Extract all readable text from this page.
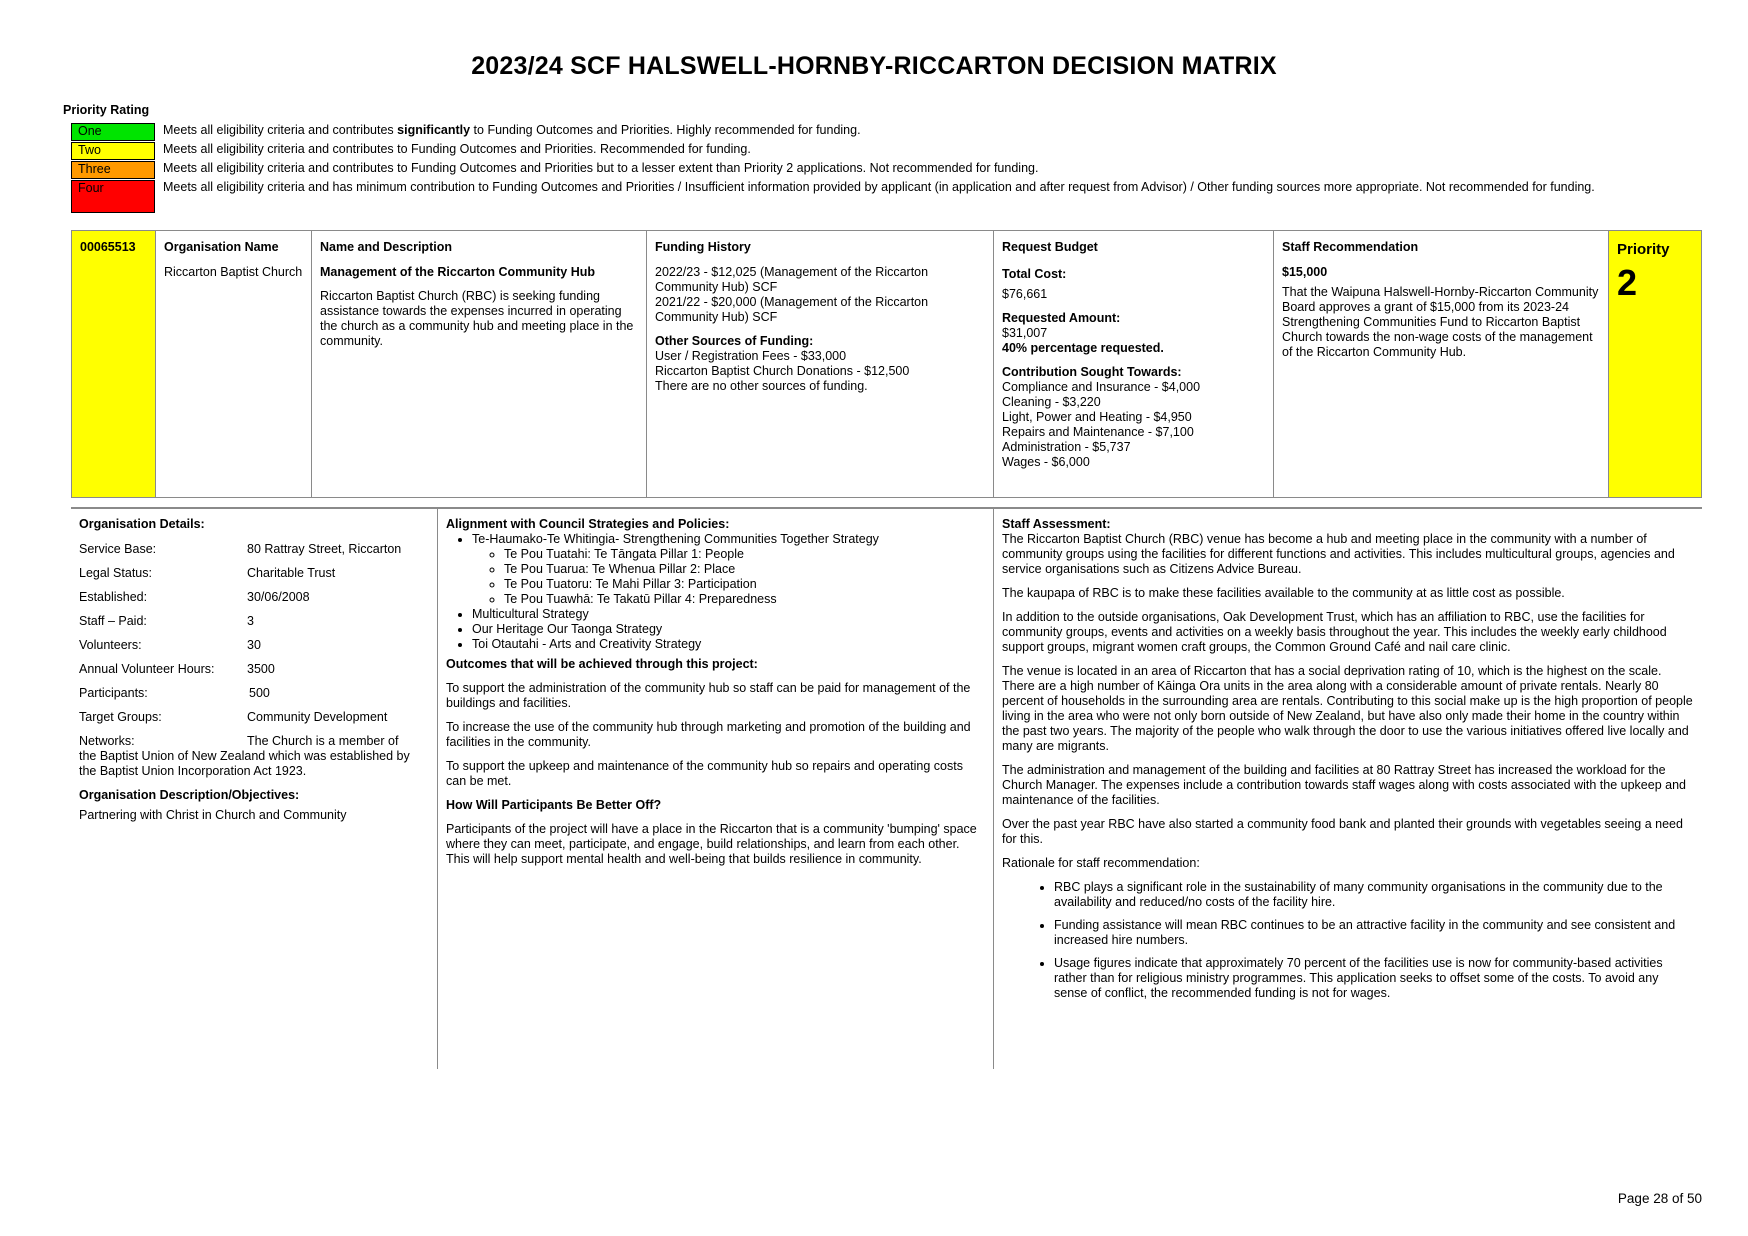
2023/24 SCF HALSWELL-HORNBY-RICCARTON DECISION MATRIX
Priority Rating
One	Meets all eligibility criteria and contributes significantly to Funding Outcomes and Priorities. Highly recommended for funding.
Two	Meets all eligibility criteria and contributes to Funding Outcomes and Priorities. Recommended for funding.
Three	Meets all eligibility criteria and contributes to Funding Outcomes and Priorities but to a lesser extent than Priority 2 applications. Not recommended for funding.
Four	Meets all eligibility criteria and has minimum contribution to Funding Outcomes and Priorities / Insufficient information provided by applicant (in application and after request from Advisor) / Other funding sources more appropriate. Not recommended for funding.
00065513	Organisation Name
Riccarton Baptist Church
Name and Description

Management of the Riccarton Community Hub

Riccarton Baptist Church (RBC) is seeking funding assistance towards the expenses incurred in operating the church as a community hub and meeting place in the community.

Funding History

2022/23 - $12,025 (Management of the Riccarton Community Hub) SCF

2021/22 - $20,000 (Management of the Riccarton Community Hub) SCF

Other Sources of Funding:

User / Registration Fees - $33,000

Riccarton Baptist Church Donations - $12,500

There are no other sources of funding.

Request Budget

Total Cost:

$76,661

Requested Amount:

$31,007

40% percentage requested.

Contribution Sought Towards:

Compliance and Insurance - $4,000

Cleaning - $3,220

Light, Power and Heating - $4,950

Repairs and Maintenance - $7,100

Administration - $5,737

Wages - $6,000

Staff Recommendation

$15,000

That the Waipuna Halswell-Hornby-Riccarton Community Board approves a grant of $15,000 from its 2023-24 Strengthening Communities Fund to Riccarton Baptist Church towards the non-wage costs of the management of the Riccarton Community Hub.

Priority
2

Organisation Details:

Service Base:	80 Rattray Street, Riccarton
Legal Status:	Charitable Trust
Established:	30/06/2008
Staff – Paid:	3
Volunteers:	30
Annual Volunteer Hours:	3500
Participants:	500
Target Groups:	Community Development
Networks:	The Church is a member of

the Baptist Union of New Zealand which was established by the Baptist Union Incorporation Act 1923.

Organisation Description/Objectives:

Partnering with Christ in Church and Community

Alignment with Council Strategies and Policies:

• Te-Haumako-Te Whitingia- Strengthening Communities Together Strategy
◦ Te Pou Tuatahi: Te Tāngata Pillar 1: People
◦ Te Pou Tuarua: Te Whenua Pillar 2: Place
◦ Te Pou Tuatoru: Te Mahi Pillar 3: Participation
◦ Te Pou Tuawhā: Te Takatū Pillar 4: Preparedness
• Multicultural Strategy
• Our Heritage Our Taonga Strategy
• Toi Otautahi - Arts and Creativity Strategy

Outcomes that will be achieved through this project:

To support the administration of the community hub so staff can be paid for management of the buildings and facilities.

To increase the use of the community hub through marketing and promotion of the building and facilities in the community.

To support the upkeep and maintenance of the community hub so repairs and operating costs can be met.

How Will Participants Be Better Off?

Participants of the project will have a place in the Riccarton that is a community 'bumping' space where they can meet, participate, and engage, build relationships, and learn from each other. This will help support mental health and well-being that builds resilience in community.

Staff Assessment:

The Riccarton Baptist Church (RBC) venue has become a hub and meeting place in the community with a number of community groups using the facilities for different functions and activities. This includes multicultural groups, agencies and service organisations such as Citizens Advice Bureau.

The kaupapa of RBC is to make these facilities available to the community at as little cost as possible.

In addition to the outside organisations, Oak Development Trust, which has an affiliation to RBC, use the facilities for community groups, events and activities on a weekly basis throughout the year. This includes the weekly early childhood support groups, migrant women craft groups, the Common Ground Café and nail care clinic.

The venue is located in an area of Riccarton that has a social deprivation rating of 10, which is the highest on the scale. There are a high number of Kāinga Ora units in the area along with a considerable amount of private rentals. Nearly 80 percent of households in the surrounding area are rentals. Contributing to this social make up is the high proportion of people living in the area who were not only born outside of New Zealand, but have also only made their home in the country within the past two years. The majority of the people who walk through the door to use the various initiatives offered live locally and many are migrants.

The administration and management of the building and facilities at 80 Rattray Street has increased the workload for the Church Manager. The expenses include a contribution towards staff wages along with costs associated with the upkeep and maintenance of the facilities.

Over the past year RBC have also started a community food bank and planted their grounds with vegetables seeing a need for this.

Rationale for staff recommendation:

• RBC plays a significant role in the sustainability of many community organisations in the community due to the availability and reduced/no costs of the facility hire.
• Funding assistance will mean RBC continues to be an attractive facility in the community and see consistent and increased hire numbers.
• Usage figures indicate that approximately 70 percent of the facilities use is now for community-based activities rather than for religious ministry programmes. This application seeks to offset some of the costs. To avoid any sense of conflict, the recommended funding is not for wages.
Page 28 of 50
